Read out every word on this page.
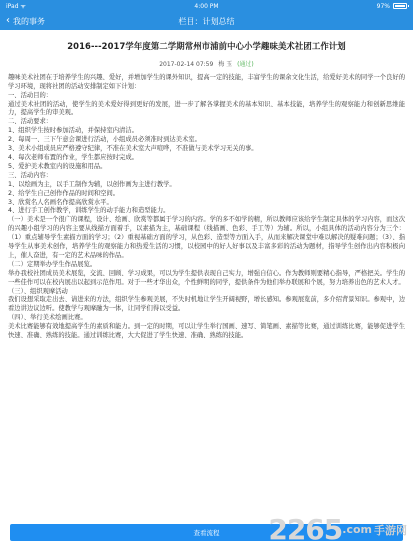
iPad ᯤ	4:00 PM	97%
‹ 我的事务	栏目：计划总结
2016---2017学年度第二学期常州市浦前中心小学趣味美术社团工作计划
2017-02-14 07:59 梅 玉 (通过)

趣味美术社团在于培养学生的兴趣、爱好，并增加学生的课外知识，提高一定的技能，丰富学生的课余文化生活，给爱好美术的同学一个良好的学习环境，现将社团的活动安排制定如下计划：

一、活动目的：

通过美术社团的活动，使学生的美术爱好得到更好的发展，进一步了解各掌握美术的基本知识、基本技能，培养学生的观察能力和创新思维能力，提高学生的审美观。

二、活动要求：

1、组织学生按时参加活动，并保持室内清洁。

2、每周一、三下午意会课进行活动，小组成员必须准时到达美术室。

3、美术小组成员应严格遵守纪律，不准在美术室大声喧哗，不准做与美术学习无关的事。

4、每次老师布置的作业，学生都应按时完成。

5、爱护美术教室内的设施和用品。

三、活动内容：

1、以绘画为主，以手工制作为辅，以创作画为主进行教学。

2、给学生自己创作作品的时间和空间。

3、欣赏名人名画名作提高欣赏水平。

4、进行手工创作教学，训练学生的动手能力和造型能力。

（一）美术是一个很广的课程，设计、绘画、欣赏等都属于学习的内容。学的多不如学的精，所以教师应该给学生制定具体的学习内容，而这次的兴趣小组学习的内容主要从线描方面着手，以素描为主，基础课程（线描画、色彩、手工等）为辅。所以，小组具体的活动内容分为三个：（1）重点辅导学生素描方面的学习；（2）重视基础方面的学习，从色彩、造型等方面入手，从而来解决课堂中难以解决的疑难问题；（3）、指导学生从事美术创作，培养学生的观察能力和热爱生活的习惯，以校园中的好人好事以及丰富多彩的活动为题材，指导学生创作出内容积极向上，催人奋进，有一定的艺术品味的作品。

（二）定期举办学生作品展览。

举办我校社团成员美术展览，交流、回顾、学习成果，可以为学生提供表现自己实力，增强自信心。作为教师则要精心指导，严格把关。学生的一些佳作可以在校内展出以起到示范作用。对于一些才华出众，个性鲜明的同学，提供条件为他们举办联展和个展，努力培养出色的艺术人才。

（三）、组织观摩活动

我们设想采取走出去、请进来的方法，组织学生参观美展，不失时机地让学生开阔视野，增长感知。参观展览前，多介绍背景知识。参观中，边看边讲边议边听。使教学与观摩融为一体，让同学们得以受益。

（四）、举行美术绘画比赛。

美术比赛能够有效地提高学生的素质和能力。到一定的时期，可以让学生举行国画、速写、简笔画、素描等比赛，通过训练比赛，能够促进学生快速、准确、熟练的技能。通过训练比赛，大大促进了学生快速、准确、熟练的技能。

查看流程	2265 .com 手游网
